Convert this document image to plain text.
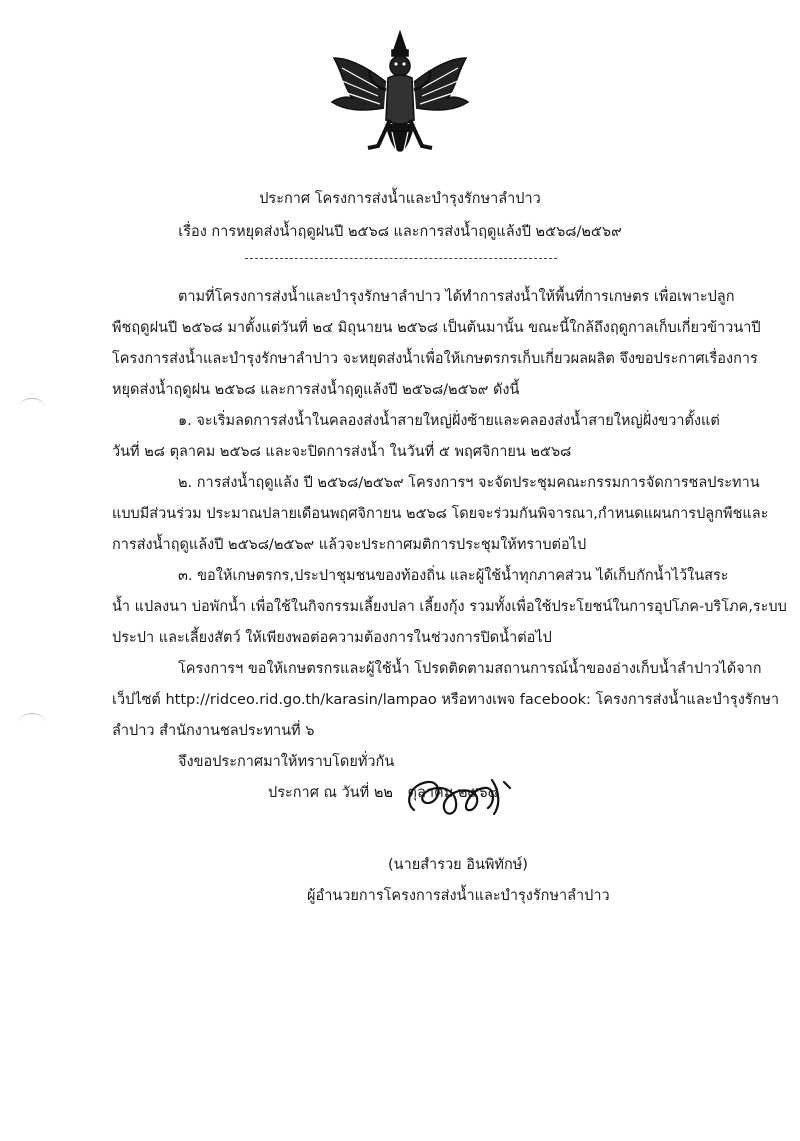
ประกาศ โครงการส่งน้ำและบำรุงรักษาลำปาว
เรื่อง การหยุดส่งน้ำฤดูฝนปี ๒๕๖๘ และการส่งน้ำฤดูแล้งปี ๒๕๖๘/๒๕๖๙
ตามที่โครงการส่งน้ำและบำรุงรักษาลำปาว ได้ทำการส่งน้ำให้พื้นที่การเกษตร เพื่อเพาะปลูก
พืชฤดูฝนปี ๒๕๖๘ มาตั้งแต่วันที่ ๒๔ มิถุนายน ๒๕๖๘ เป็นต้นมานั้น ขณะนี้ใกล้ถึงฤดูกาลเก็บเกี่ยวข้าวนาปี
โครงการส่งน้ำและบำรุงรักษาลำปาว จะหยุดส่งน้ำเพื่อให้เกษตรกรเก็บเกี่ยวผลผลิต จึงขอประกาศเรื่องการ
หยุดส่งน้ำฤดูฝน ๒๕๖๘ และการส่งน้ำฤดูแล้งปี ๒๕๖๘/๒๕๖๙ ดังนี้
๑. จะเริ่มลดการส่งน้ำในคลองส่งน้ำสายใหญ่ฝั่งซ้ายและคลองส่งน้ำสายใหญ่ฝั่งขวาตั้งแต่
วันที่ ๒๘ ตุลาคม ๒๕๖๘ และจะปิดการส่งน้ำ ในวันที่ ๕ พฤศจิกายน ๒๕๖๘
๒. การส่งน้ำฤดูแล้ง ปี ๒๕๖๘/๒๕๖๙ โครงการฯ จะจัดประชุมคณะกรรมการจัดการชลประทาน
แบบมีส่วนร่วม ประมาณปลายเดือนพฤศจิกายน ๒๕๖๘ โดยจะร่วมกันพิจารณา,กำหนดแผนการปลูกพืชและ
การส่งน้ำฤดูแล้งปี ๒๕๖๘/๒๕๖๙ แล้วจะประกาศมติการประชุมให้ทราบต่อไป
๓. ขอให้เกษตรกร,ประปาชุมชนของท้องถิ่น และผู้ใช้น้ำทุกภาคส่วน ได้เก็บกักน้ำไว้ในสระ
น้ำ แปลงนา บ่อพักน้ำ เพื่อใช้ในกิจกรรมเลี้ยงปลา เลี้ยงกุ้ง รวมทั้งเพื่อใช้ประโยชน์ในการอุปโภค-บริโภค,ระบบ
ประปา และเลี้ยงสัตว์ ให้เพียงพอต่อความต้องการในช่วงการปิดน้ำต่อไป
โครงการฯ ขอให้เกษตรกรและผู้ใช้น้ำ โปรดติดตามสถานการณ์น้ำของอ่างเก็บน้ำลำปาวได้จาก
เว็ปไซต์ http://ridceo.rid.go.th/karasin/lampao หรือทางเพจ facebook: โครงการส่งน้ำและบำรุงรักษา
ลำปาว สำนักงานชลประทานที่ ๖
จึงขอประกาศมาให้ทราบโดยทั่วกัน
ประกาศ ณ วันที่ ๒๒ ตุลาคม ๒๕๖๘
(นายสำรวย อินพิทักษ์)
ผู้อำนวยการโครงการส่งน้ำและบำรุงรักษาลำปาว
